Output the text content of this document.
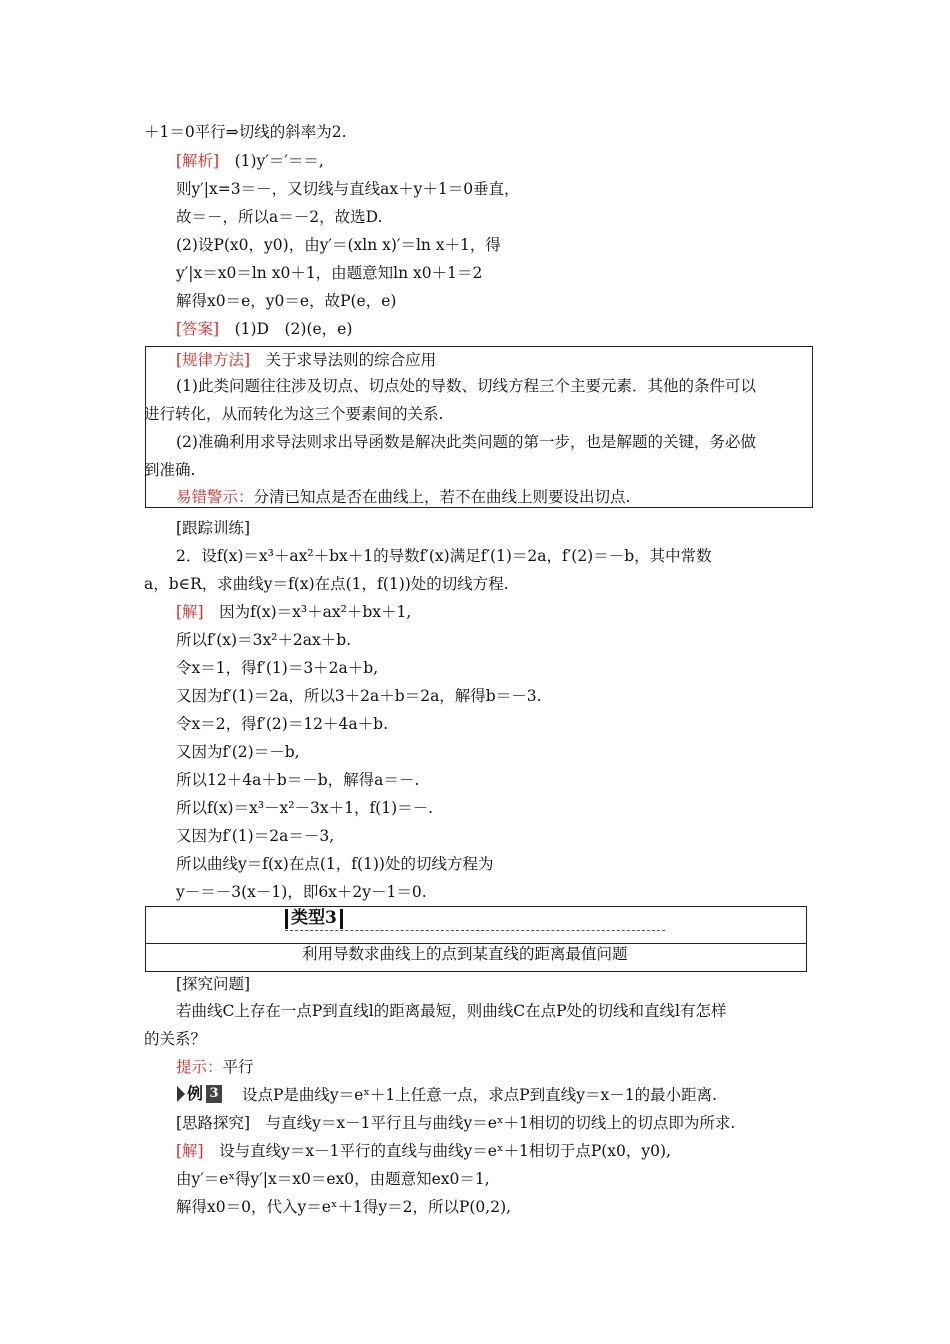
＋1＝0平行⇒切线的斜率为2.
[解析]　(1)y′＝′＝＝,
则y′|x=3＝－，又切线与直线ax＋y＋1＝0垂直，
故＝－，所以a＝－2，故选D.
(2)设P(x0，y0)，由y′＝(xln x)′＝ln x＋1，得
y′|x＝x0＝ln x0＋1，由题意知ln x0＋1＝2
解得x0＝e，y0＝e，故P(e，e)
[答案]　(1)D　(2)(e，e)
[规律方法]　关于求导法则的综合应用
(1)此类问题往往涉及切点、切点处的导数、切线方程三个主要元素．其他的条件可以
进行转化，从而转化为这三个要素间的关系.
(2)准确利用求导法则求出导函数是解决此类问题的第一步，也是解题的关键，务必做
到准确.
易错警示：分清已知点是否在曲线上，若不在曲线上则要设出切点.
[跟踪训练]
2．设f(x)＝x³＋ax²＋bx＋1的导数f′(x)满足f′(1)＝2a，f′(2)＝－b，其中常数
a，b∈R，求曲线y＝f(x)在点(1，f(1))处的切线方程.
[解]　因为f(x)＝x³＋ax²＋bx＋1,
所以f′(x)＝3x²＋2ax＋b.
令x＝1，得f′(1)＝3＋2a＋b,
又因为f′(1)＝2a，所以3＋2a＋b＝2a，解得b＝－3.
令x＝2，得f′(2)＝12＋4a＋b.
又因为f′(2)＝－b,
所以12＋4a＋b＝－b，解得a＝－.
所以f(x)＝x³－x²－3x＋1，f(1)＝－.
又因为f′(1)＝2a＝－3,
所以曲线y＝f(x)在点(1，f(1))处的切线方程为
y－＝－3(x－1)，即6x＋2y－1＝0.
类型3
利用导数求曲线上的点到某直线的距离最值问题
[探究问题]
若曲线C上存在一点P到直线l的距离最短，则曲线C在点P处的切线和直线l有怎样
的关系？
提示：平行
例 3 设点P是曲线y＝eˣ＋1上任意一点，求点P到直线y＝x－1的最小距离.
[思路探究]　与直线y＝x－1平行且与曲线y＝eˣ＋1相切的切线上的切点即为所求.
[解]　设与直线y＝x－1平行的直线与曲线y＝eˣ＋1相切于点P(x0，y0),
由y′＝eˣ得y′|x＝x0＝ex0，由题意知ex0＝1,
解得x0＝0，代入y＝eˣ＋1得y＝2，所以P(0,2),
